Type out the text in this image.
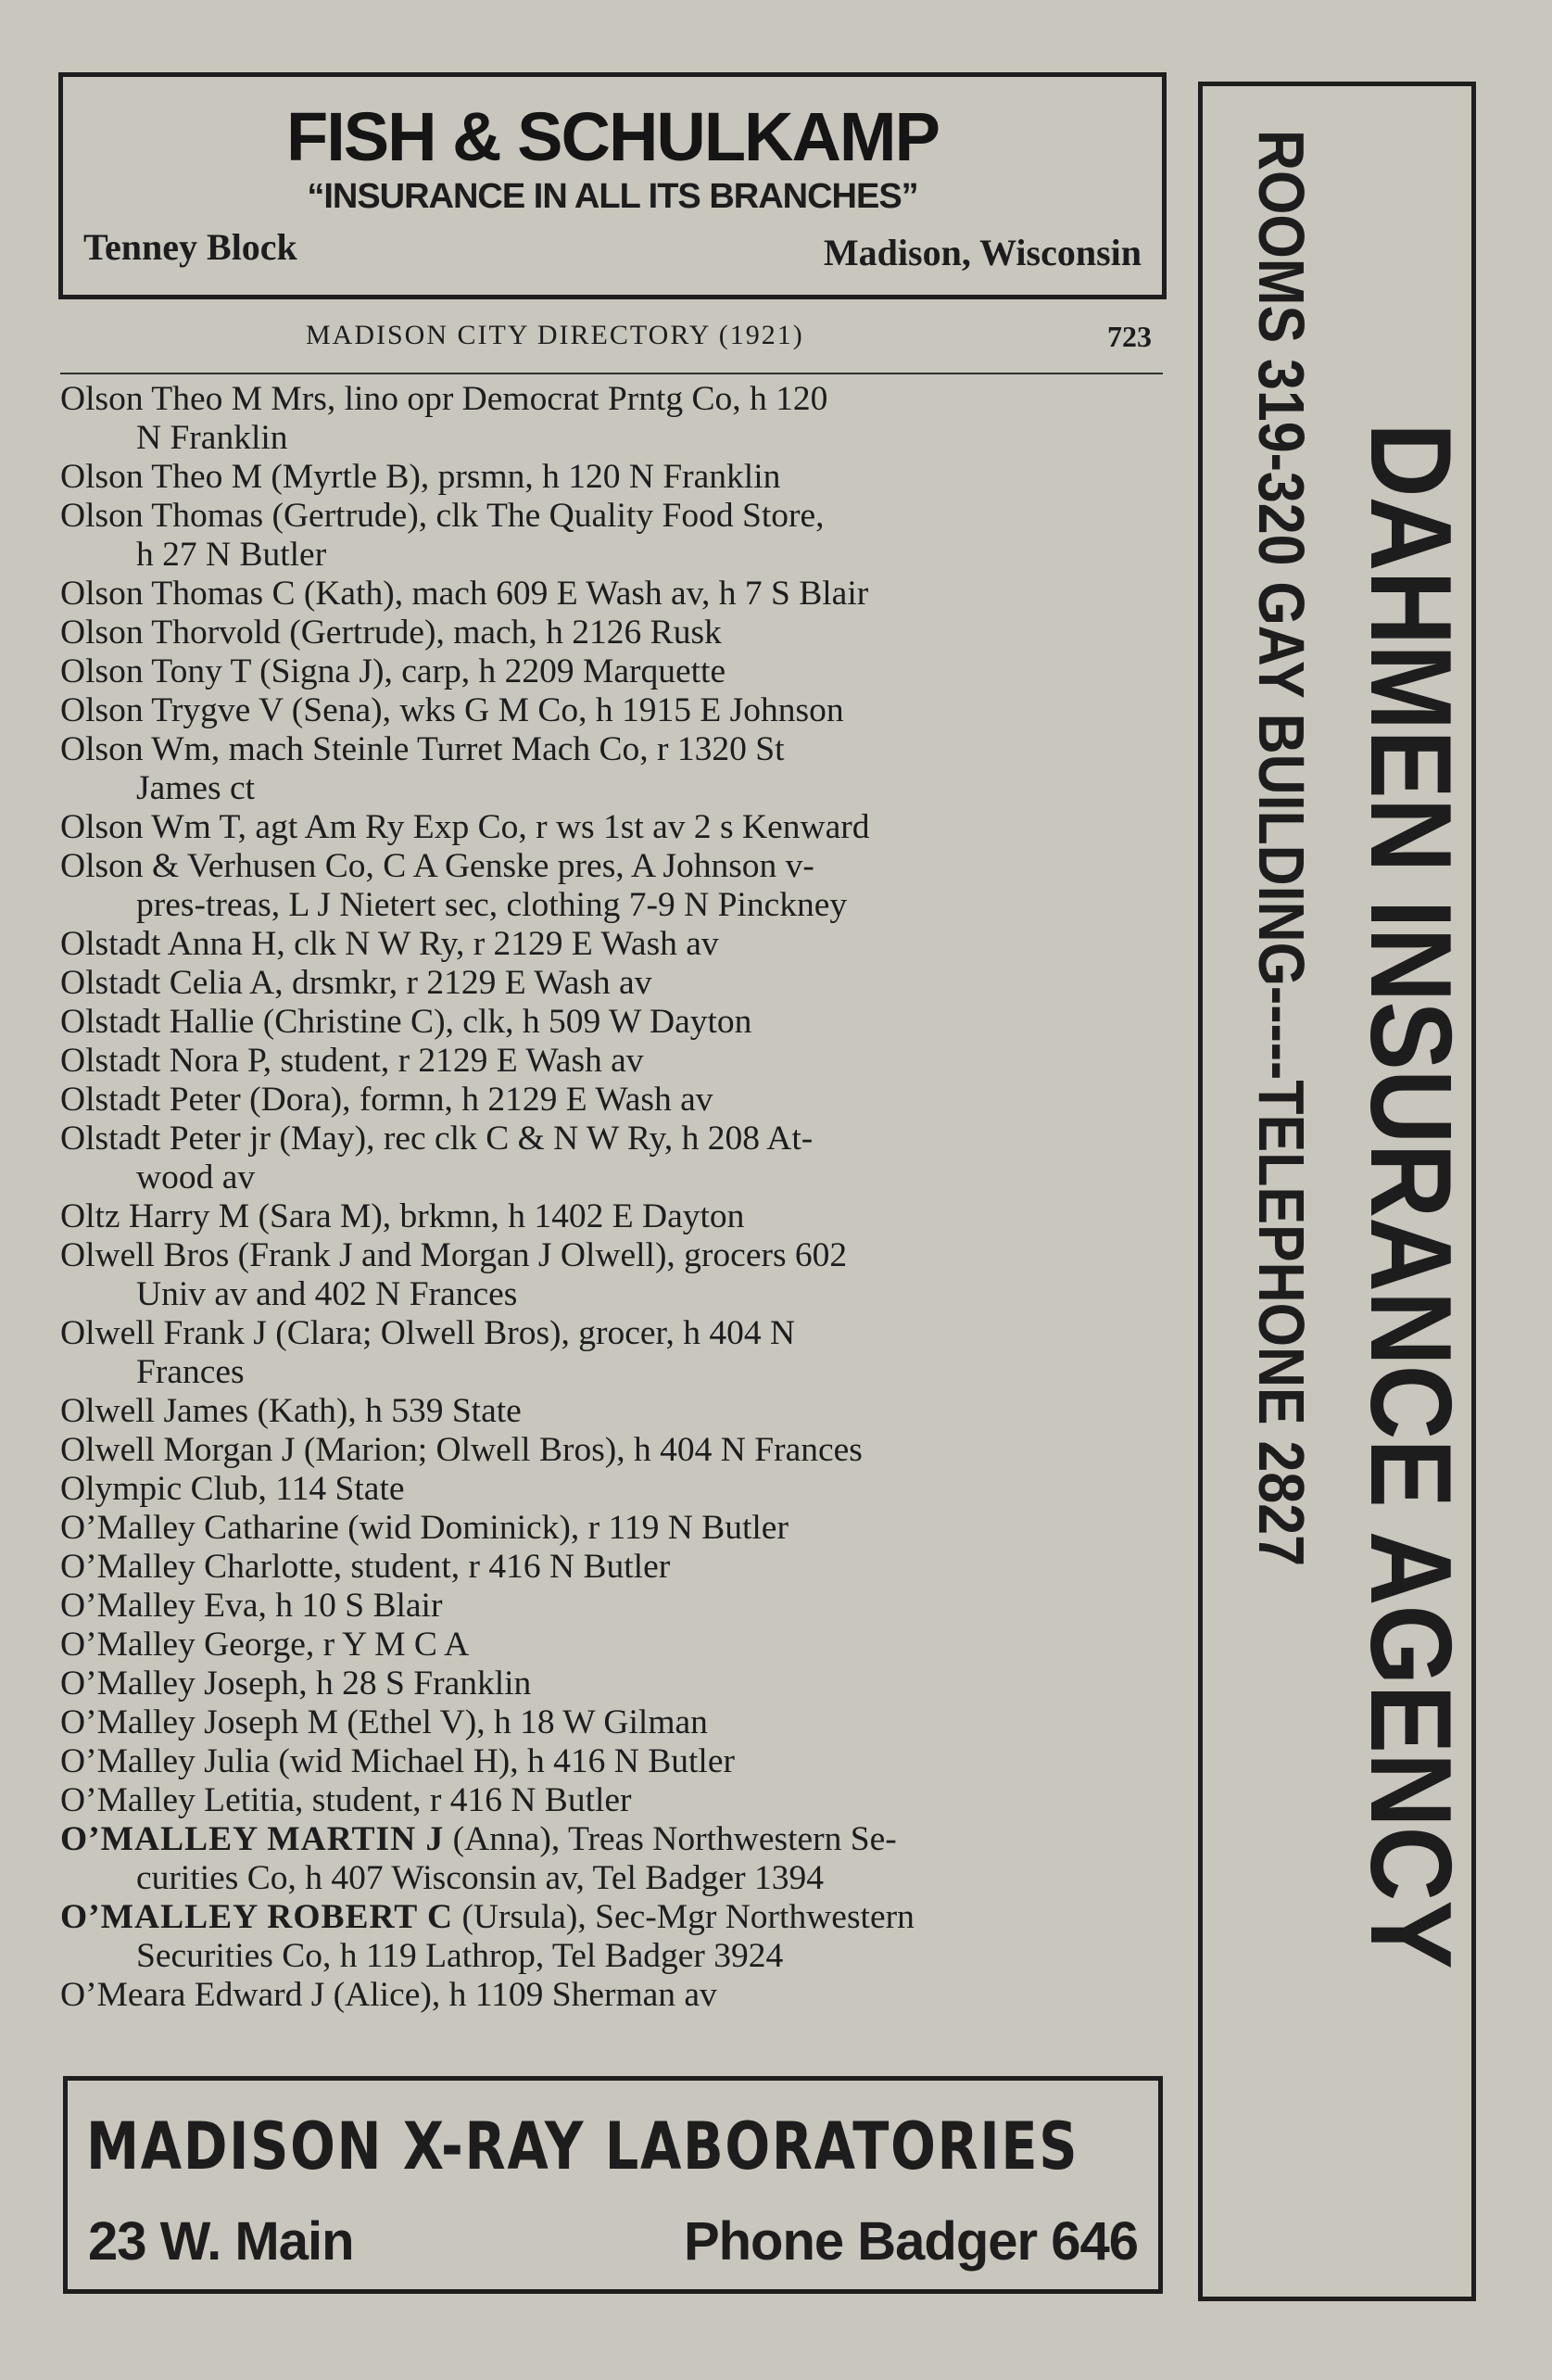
FISH & SCHULKAMP
“INSURANCE IN ALL ITS BRANCHES”
Tenney Block	Madison, Wisconsin
MADISON CITY DIRECTORY (1921)	723
Olson Theo M Mrs, lino opr Democrat Prntg Co, h 120
N Franklin
Olson Theo M (Myrtle B), prsmn, h 120 N Franklin
Olson Thomas (Gertrude), clk The Quality Food Store,
h 27 N Butler
Olson Thomas C (Kath), mach 609 E Wash av, h 7 S Blair
Olson Thorvold (Gertrude), mach, h 2126 Rusk
Olson Tony T (Signa J), carp, h 2209 Marquette
Olson Trygve V (Sena), wks G M Co, h 1915 E Johnson
Olson Wm, mach Steinle Turret Mach Co, r 1320 St
James ct
Olson Wm T, agt Am Ry Exp Co, r ws 1st av 2 s Kenward
Olson & Verhusen Co, C A Genske pres, A Johnson v-
pres-treas, L J Nietert sec, clothing 7-9 N Pinckney
Olstadt Anna H, clk N W Ry, r 2129 E Wash av
Olstadt Celia A, drsmkr, r 2129 E Wash av
Olstadt Hallie (Christine C), clk, h 509 W Dayton
Olstadt Nora P, student, r 2129 E Wash av
Olstadt Peter (Dora), formn, h 2129 E Wash av
Olstadt Peter jr (May), rec clk C & N W Ry, h 208 At-
wood av
Oltz Harry M (Sara M), brkmn, h 1402 E Dayton
Olwell Bros (Frank J and Morgan J Olwell), grocers 602
Univ av and 402 N Frances
Olwell Frank J (Clara; Olwell Bros), grocer, h 404 N
Frances
Olwell James (Kath), h 539 State
Olwell Morgan J (Marion; Olwell Bros), h 404 N Frances
Olympic Club, 114 State
O’Malley Catharine (wid Dominick), r 119 N Butler
O’Malley Charlotte, student, r 416 N Butler
O’Malley Eva, h 10 S Blair
O’Malley George, r Y M C A
O’Malley Joseph, h 28 S Franklin
O’Malley Joseph M (Ethel V), h 18 W Gilman
O’Malley Julia (wid Michael H), h 416 N Butler
O’Malley Letitia, student, r 416 N Butler
O’MALLEY MARTIN J (Anna), Treas Northwestern Se-
curities Co, h 407 Wisconsin av, Tel Badger 1394
O’MALLEY ROBERT C (Ursula), Sec-Mgr Northwestern
Securities Co, h 119 Lathrop, Tel Badger 3924
O’Meara Edward J (Alice), h 1109 Sherman av
MADISON X-RAY LABORATORIES
23 W. Main	Phone Badger 646
DAHMEN INSURANCE AGENCY
ROOMS 319-320 GAY BUILDING-----TELEPHONE 2827
